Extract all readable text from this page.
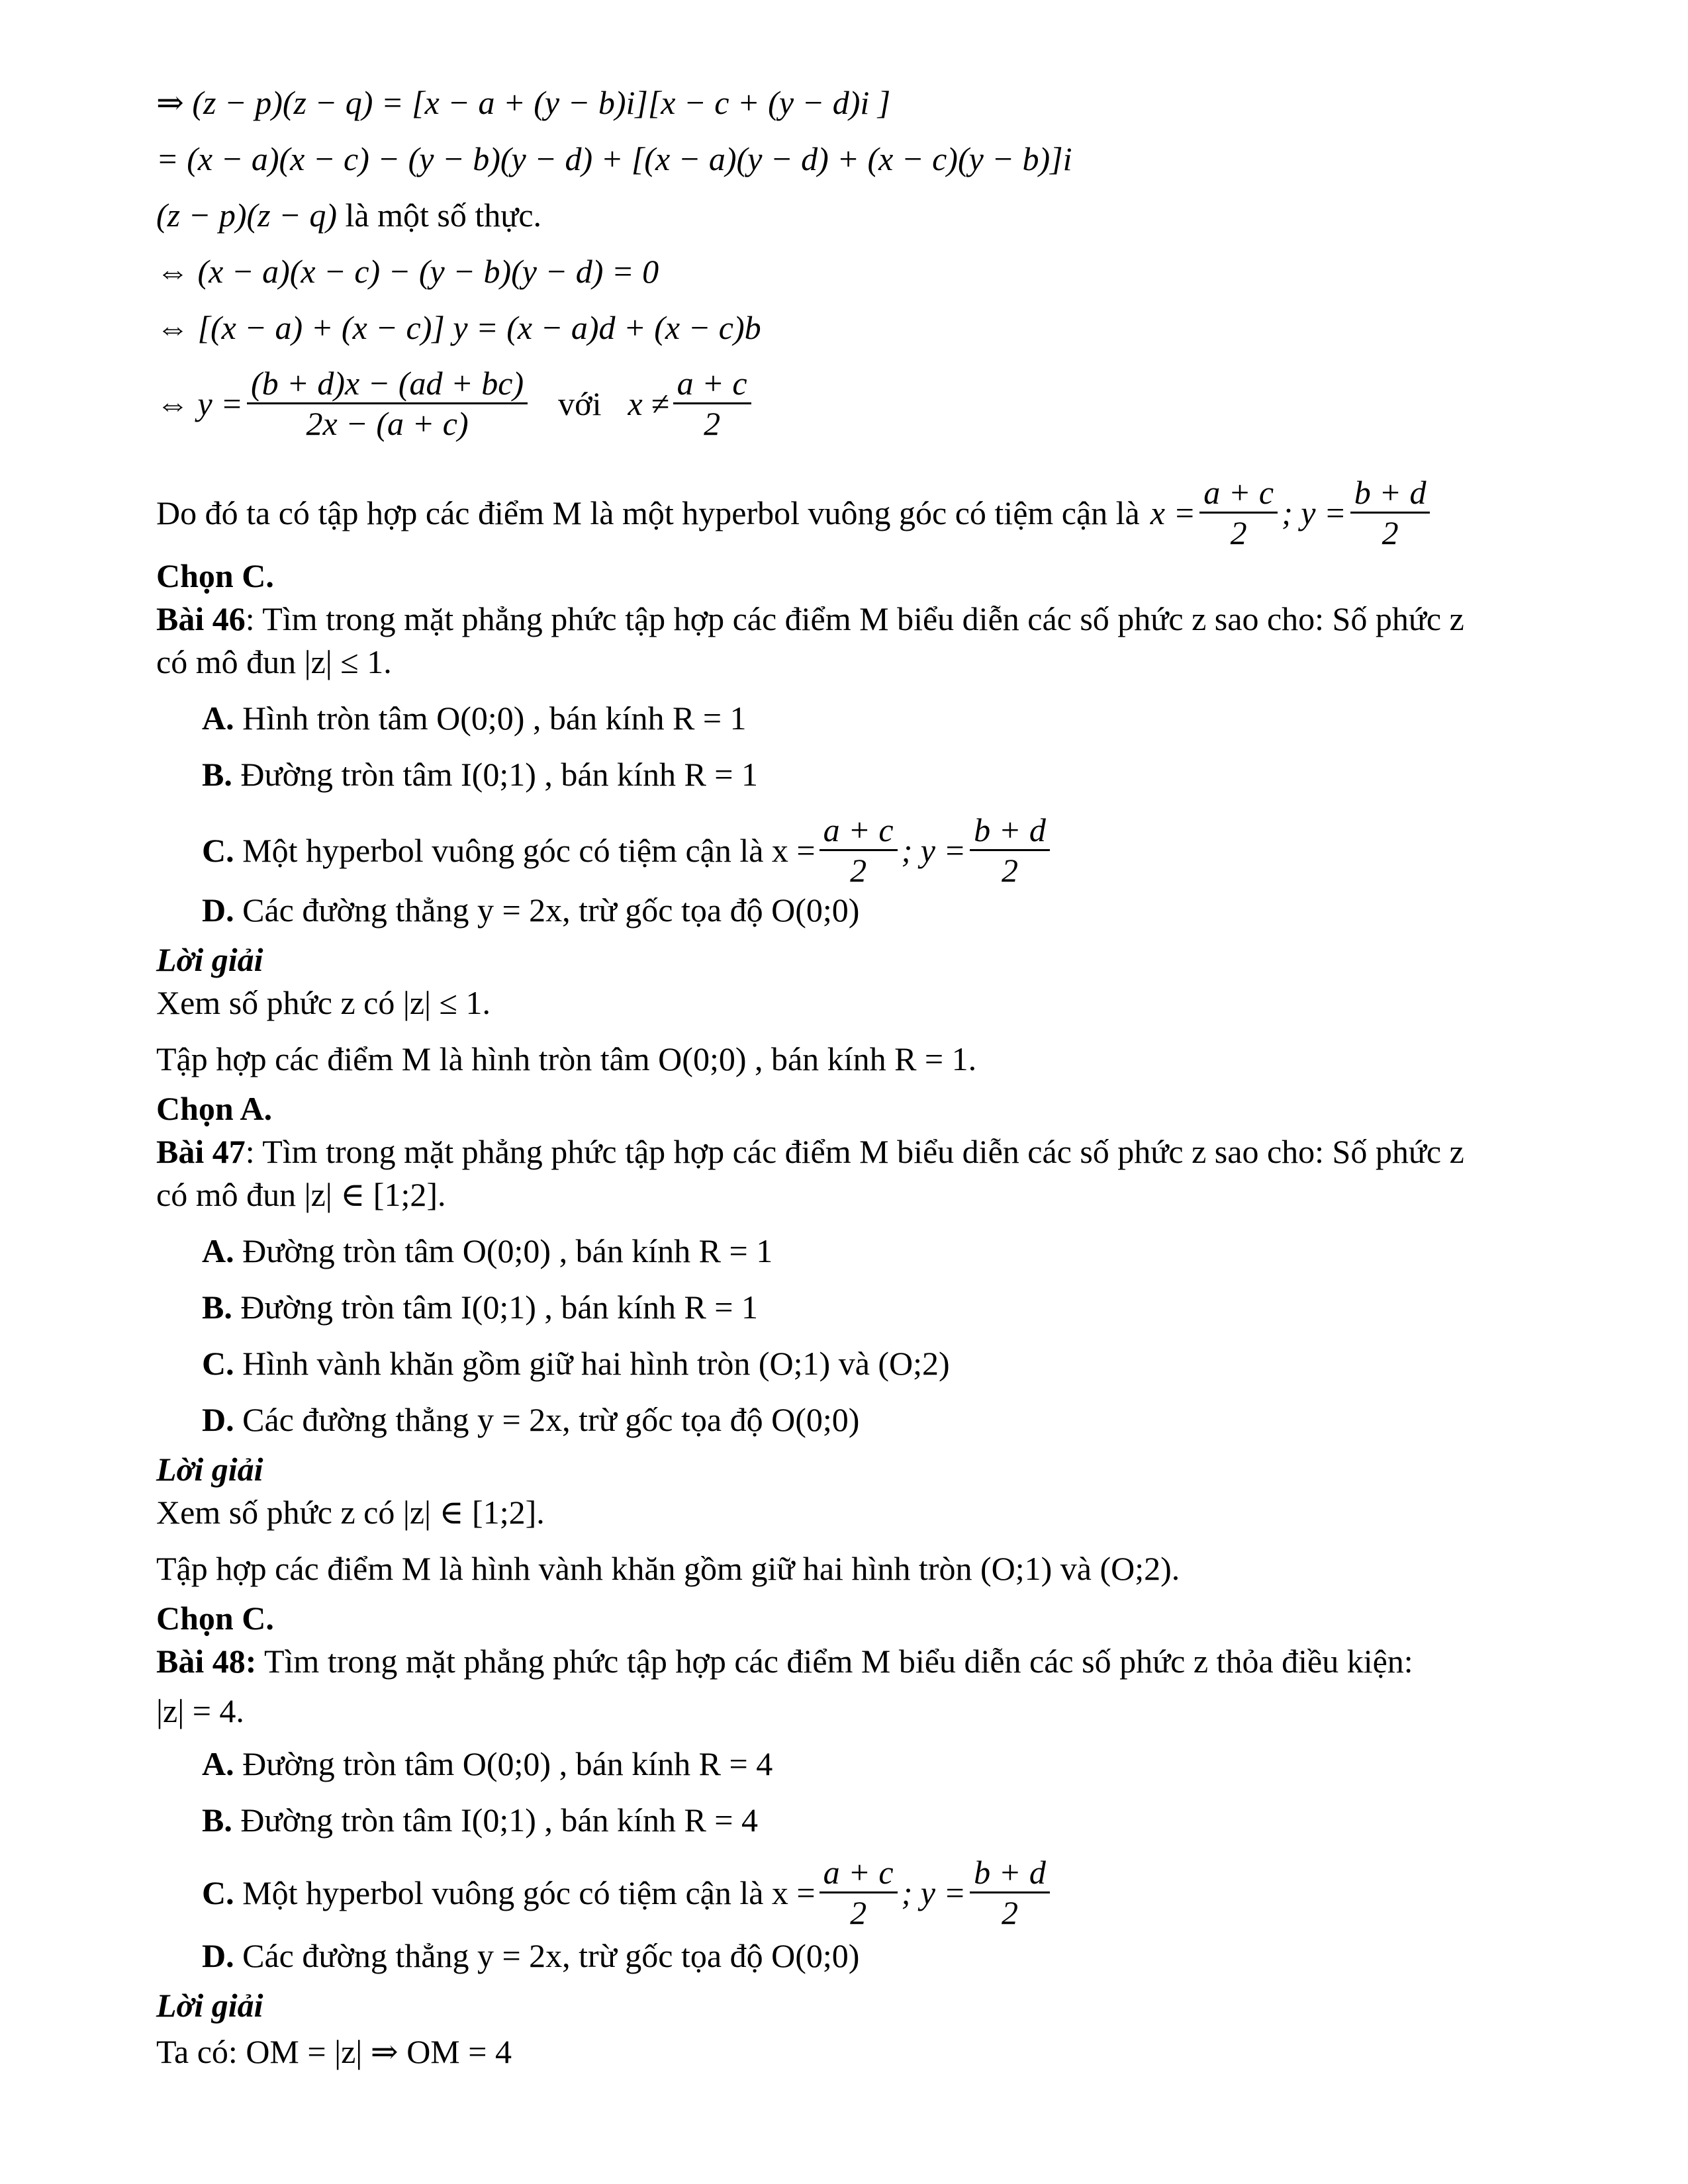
⇒ (z − p)(z − q) = [x − a + (y − b)i][x − c + (y − d)i ]
= (x − a)(x − c) − (y − b)(y − d) + [(x − a)(y − d) + (x − c)(y − b)]i
(z − p)(z − q) là một số thực.
⇔ (x − a)(x − c) − (y − b)(y − d) = 0
⇔ [(x − a) + (x − c)] y = (x − a)d + (x − c)b
⇔ $y = \frac{(b + d)x - (ad + bc)}{2x - (a + c)}$ với $x \ne \frac{a + c}{2}$
Do đó ta có tập hợp các điểm M là một hyperbol vuông góc có tiệm cận là $x = \frac{a + c}{2}$ ; $y = \frac{b + d}{2}$
Chọn C.
Bài 46: Tìm trong mặt phẳng phức tập hợp các điểm M biểu diễn các số phức z sao cho: Số phức z
có mô đun |z| ≤ 1.
A. Hình tròn tâm O(0;0) , bán kính R = 1
B. Đường tròn tâm I(0;1) , bán kính R = 1
C.
Một hyperbol vuông góc có tiệm cận là $x = \frac{a + c}{2}$ ; $y = \frac{b + d}{2}$
D. Các đường thẳng y = 2x, trừ gốc tọa độ O(0;0)
Lời giải
Xem số phức z có |z| ≤ 1.
Tập hợp các điểm M là hình tròn tâm O(0;0) , bán kính R = 1.
Chọn A.
Bài 47: Tìm trong mặt phẳng phức tập hợp các điểm M biểu diễn các số phức z sao cho: Số phức z
có mô đun |z| ∈ [1;2].
A. Đường tròn tâm O(0;0) , bán kính R = 1
B. Đường tròn tâm I(0;1) , bán kính R = 1
C. Hình vành khăn gồm giữ hai hình tròn (O;1) và (O;2)
D. Các đường thẳng y = 2x, trừ gốc tọa độ O(0;0)
Lời giải
Xem số phức z có |z| ∈ [1;2].
Tập hợp các điểm M là hình vành khăn gồm giữ hai hình tròn (O;1) và (O;2).
Chọn C.
Bài 48: Tìm trong mặt phẳng phức tập hợp các điểm M biểu diễn các số phức z thỏa điều kiện:
|z| = 4.
A. Đường tròn tâm O(0;0) , bán kính R = 4
B. Đường tròn tâm I(0;1) , bán kính R = 4
C.
Một hyperbol vuông góc có tiệm cận là $x = \frac{a + c}{2}$ ; $y = \frac{b + d}{2}$
D. Các đường thẳng y = 2x, trừ gốc tọa độ O(0;0)
Lời giải
Ta có: OM = |z| ⇒ OM = 4
